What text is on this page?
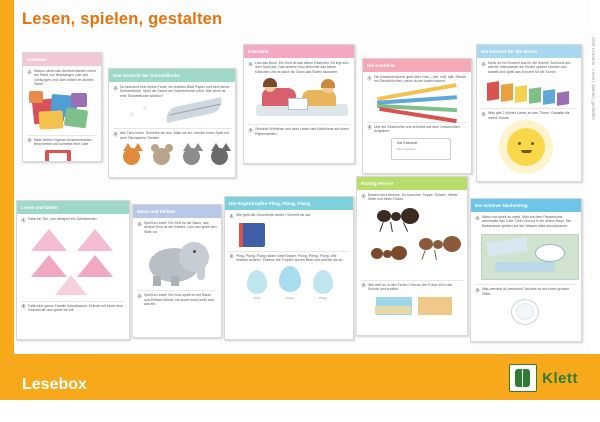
Lesen, spielen, gestalten
Ameisen
1	Warum sieht man Ameisenhaufen meist am Rand von Waldwegen oder auf Lichtungen und nicht mitten im dichten Wald?
2	Male deinen eigenen Ameisenhaufen. Beschreibe und schreibe eine Liste.
Das Gewicht der Schneeflocke
1	Du brauchst eine kleine Feder, ein leichtes Blatt Papier und eine kleine Schneeflocke. Spiel die Szene der Schneeflocke nach. Wie leicht ist eine Schneeflocke wirklich?
2	Alle Tiere lesen. Schreibe sie aus. Male sie an, bemale einen Spiel mit dem Tiermasken-Theater.
Kästelein
1	Lies das Buch. Ein Kind ist das kleine Kästchen. Es legt sich dem Spiel auf. Das andere Kind streichelt das kleine Kästchen, bis es wach ist. Dann das Rollen tauschen.
2	Zeichnet Wörtchen aus dem Leben des Kästchens auf einen Papierstreifen.
Die Kastanie
1	Die Kastanienblume geht über Holz – wirf, rollt, fällt. Stecke ein Steckhölzchen, wenn du sie halten kannst.
2	Übe die Geschichte und schreibe auf dem Geschichten-Aufgaben.
Die Kastanie
Eine Kastanie ...
Ein Konzert für die Sonne
1	Denk dir ein Konzert aus für die Sonne! Schmück auf, welche Instrumente die Kinder spielen können und bastelt und spielt das Konzert für die Sonne.
2	Was gibt 2 Wörter Lieder an den Tönen. Gestalte die meine Sonne.
Lesen und falten
1	Falte ein Tier, zum Beispiel ein Schwänchen.
2	Falte eine ganze Familie Schwänchen. Erfinde mit ihnen eine Geschichte und spiele sie mit.
Maus und Elefant
1	Spielt zu zweit. Ein Kind ist die Maus, das andere Kind ist der Elefant. Lest und spielt den Wille vor.
2	Spielt zu zweit. Ein Kind spielt es mit Maus-und-Elefant-Wörter, bis sucht eurer weiß wird das ein.
Die Regentropfen Pling, Plang, Plung
1	Wie geht die Geschichte weiter? Schreib sie auf.
2	Pling, Plang, Plung haben viele Brüder: Plong, Pleng, Plung. Wie heissen anders? Zeichne die Tropfen auf ein Blatt und schreib sie an.
Pling	Plang	Plung
Richtig Ferien!
1	Basteln eine Ameise. Du brauchst: Pappe, Schere, Kleber, Stifte und einen Faden.
2	Wie weit du in den Ferien? Nenne vier Fotos mit in die Schule und erzähle.
Ein schöner Nachmittag
1	Mach und spielt zu zweit. Malt auf dem Pausenplatz welchselte das Café. Dein Kind ist in ein einem Haus. Die Badewanne spielen auf der Wasser alles anzuschauen.
2	Was werdest du lesebund! Zeichne es auf einen grosser Teller.
Lesebox	Klett
Klett Lesebox · Lesen, spielen, gestalten
